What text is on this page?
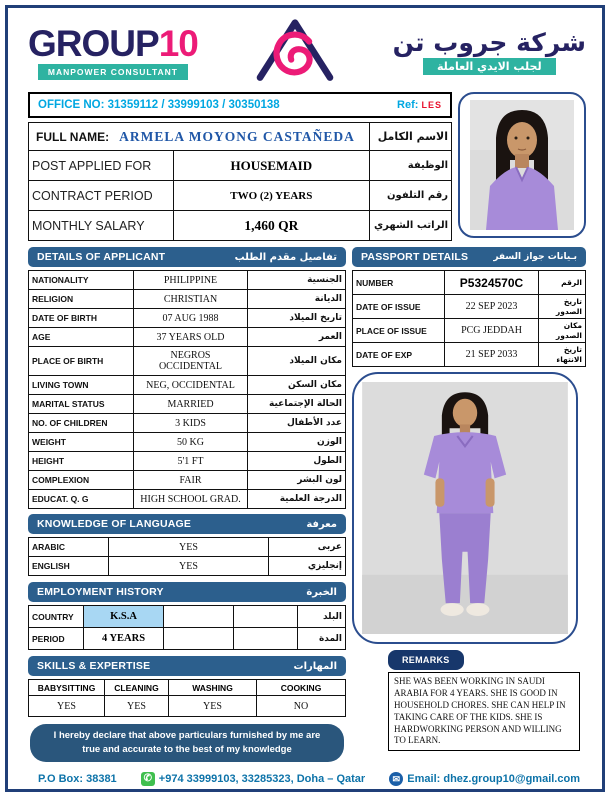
GROUP10
MANPOWER CONSULTANT
شركة جروب تن
لجلب الايدي العاملة
OFFICE NO: 31359112 / 33999103 / 30350138	Ref: LES
FULL NAME: ARMELA MOYONG CASTAÑEDA		الاسم الكامل
POST APPLIED FOR	HOUSEMAID	الوظيفة
CONTRACT PERIOD	TWO (2) YEARS	رقم التلفون
MONTHLY SALARY	1,460 QR	الراتب الشهري
DETAILS OF APPLICANT	تفاصيل مقدم الطلب
NATIONALITY	PHILIPPINE	الجنسية
RELIGION	CHRISTIAN	الديانة
DATE OF BIRTH	07 AUG 1988	تاريخ الميلاد
AGE	37 YEARS OLD	العمر
PLACE OF BIRTH	NEGROS OCCIDENTAL	مكان الميلاد
LIVING TOWN	NEG, OCCIDENTAL	مكان السكن
MARITAL STATUS	MARRIED	الحالة الإجتماعية
NO. OF CHILDREN	3 KIDS	عدد الأطفال
WEIGHT	50 KG	الوزن
HEIGHT	5'1 FT	الطول
COMPLEXION	FAIR	لون البشر
EDUCAT. Q. G	HIGH SCHOOL GRAD.	الدرجة العلمية
KNOWLEDGE OF LANGUAGE	معرفة
ARABIC	YES	عربى
ENGLISH	YES	إنجليزي
EMPLOYMENT HISTORY	الخبرة
COUNTRY	K.S.A			البلد
PERIOD	4 YEARS			المدة
SKILLS & EXPERTISE	المهارات
BABYSITTING	CLEANING	WASHING	COOKING
YES	YES	YES	NO
I hereby declare that above particulars furnished by me are true and accurate to the best of my knowledge
PASSPORT DETAILS	بـيانات جواز السفر
NUMBER	P5324570C	الرقم
DATE OF ISSUE	22 SEP 2023	تاريخ الصدور
PLACE OF ISSUE	PCG JEDDAH	مكان الصدور
DATE OF EXP	21 SEP 2033	تاريخ الانتهاء
REMARKS
SHE WAS BEEN WORKING IN SAUDI ARABIA FOR 4 YEARS. SHE IS GOOD IN HOUSEHOLD CHORES. SHE CAN HELP IN TAKING CARE OF THE KIDS. SHE IS HARDWORKING PERSON AND WILLING TO LEARN.
P.O Box: 38381	✆ +974 33999103, 33285323, Doha – Qatar	✉ Email: dhez.group10@gmail.com
